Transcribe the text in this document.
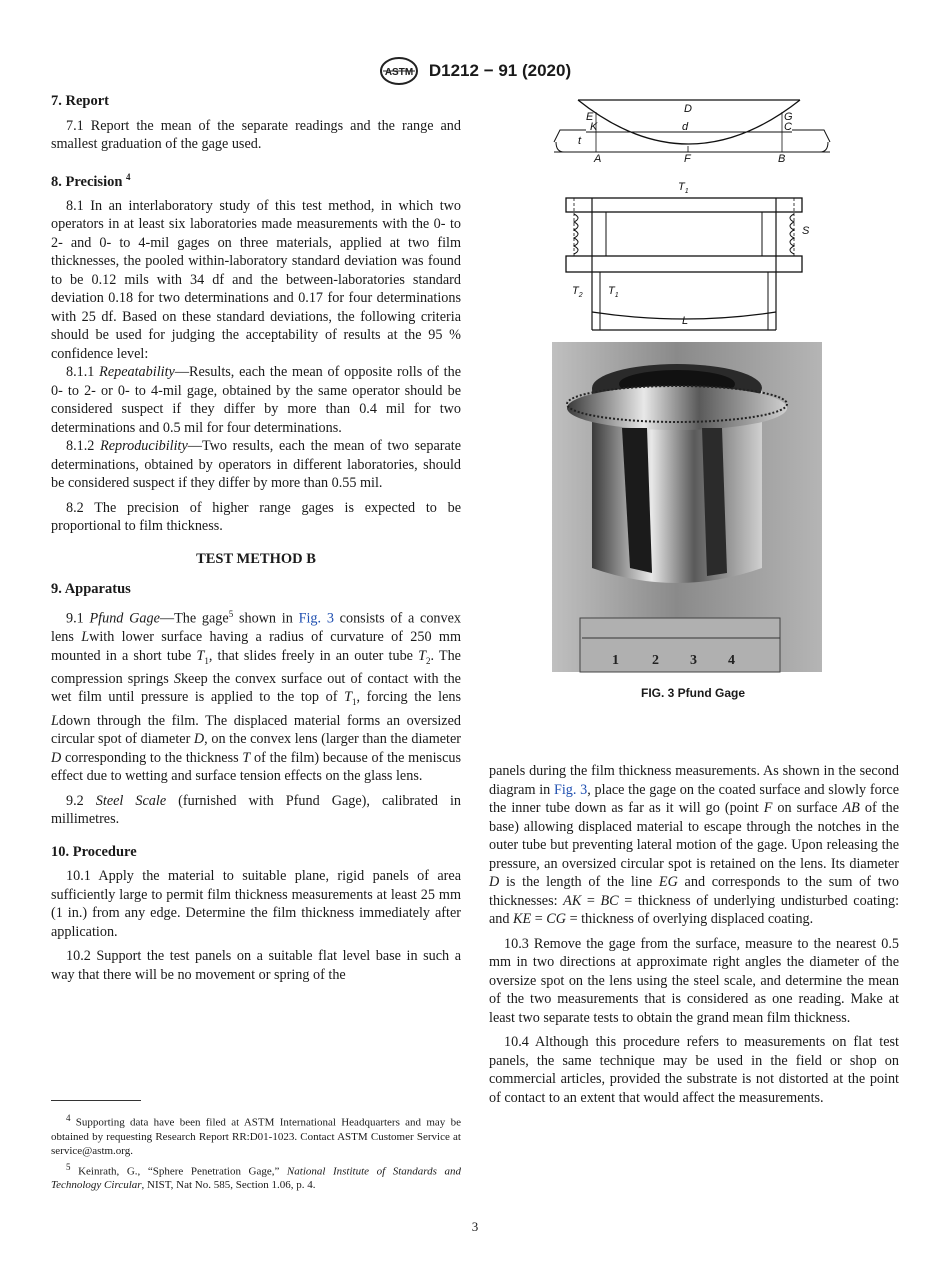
ASTM D1212 − 91 (2020)
7. Report

7.1 Report the mean of the separate readings and the range and smallest graduation of the gage used.

8. Precision $^4$

8.1 In an interlaboratory study of this test method, in which two operators in at least six laboratories made measurements with the 0- to 2- and 0- to 4-mil gages on three materials, applied at two film thicknesses, the pooled within-laboratory standard deviation was found to be 0.12 mils with 34 df and the between-laboratories standard deviation 0.18 for two determinations and 0.17 for four determinations with 25 df. Based on these standard deviations, the following criteria should be used for judging the acceptability of results at the 95 % confidence level:

8.1.1 Repeatability—Results, each the mean of opposite rolls of the 0- to 2- or 0- to 4-mil gage, obtained by the same operator should be considered suspect if they differ by more than 0.4 mil for two determinations and 0.5 mil for four determinations.

8.1.2 Reproducibility—Two results, each the mean of two separate determinations, obtained by operators in different laboratories, should be considered suspect if they differ by more than 0.55 mil.

8.2 The precision of higher range gages is expected to be proportional to film thickness.

TEST METHOD B
9. Apparatus

9.1 Pfund Gage—The gage$^5$ shown in Fig. 3 consists of a convex lens Lwith lower surface having a radius of curvature of 250 mm mounted in a short tube $T_1$, that slides freely in an outer tube $T_2$. The compression springs Skeep the convex surface out of contact with the wet film until pressure is applied to the top of $T_1$, forcing the lens Ldown through the film. The displaced material forms an oversized circular spot of diameter D, on the convex lens (larger than the diameter D corresponding to the thickness T of the film) because of the meniscus effect due to wetting and surface tension effects on the glass lens.

9.2 Steel Scale (furnished with Pfund Gage), calibrated in millimetres.

10. Procedure

10.1 Apply the material to suitable plane, rigid panels of area sufficiently large to permit film thickness measurements at least 25 mm (1 in.) from any edge. Determine the film thickness immediately after application.

10.2 Support the test panels on a suitable flat level base in such a way that there will be no movement or spring of the

$^4$ Supporting data have been filed at ASTM International Headquarters and may be obtained by requesting Research Report RR:D01-1023. Contact ASTM Customer Service at service@astm.org.

$^5$ Keinrath, G., “Sphere Penetration Gage,” National Institute of Standards and Technology Circular, NIST, Nat No. 585, Section 1.06, p. 4.

D
E	G
K	C
d
t
A	F	B
$T_1$
S
$T_2$ $T_1$
L
1 2 3 4
FIG. 3 Pfund Gage

panels during the film thickness measurements. As shown in the second diagram in Fig. 3, place the gage on the coated surface and slowly force the inner tube down as far as it will go (point F on surface AB of the base) allowing displaced material to escape through the notches in the outer tube but preventing lateral motion of the gage. Upon releasing the pressure, an oversized circular spot is retained on the lens. Its diameter D is the length of the line EG and corresponds to the sum of two thicknesses: AK = BC = thickness of underlying undisturbed coating: and KE = CG = thickness of overlying displaced coating.

10.3 Remove the gage from the surface, measure to the nearest 0.5 mm in two directions at approximate right angles the diameter of the oversize spot on the lens using the steel scale, and determine the mean of the two measurements that is considered as one reading. Make at least two separate tests to obtain the grand mean film thickness.

10.4 Although this procedure refers to measurements on flat test panels, the same technique may be used in the field or shop on commercial articles, provided the substrate is not distorted at the point of contact to an extent that would affect the measurements.

3
